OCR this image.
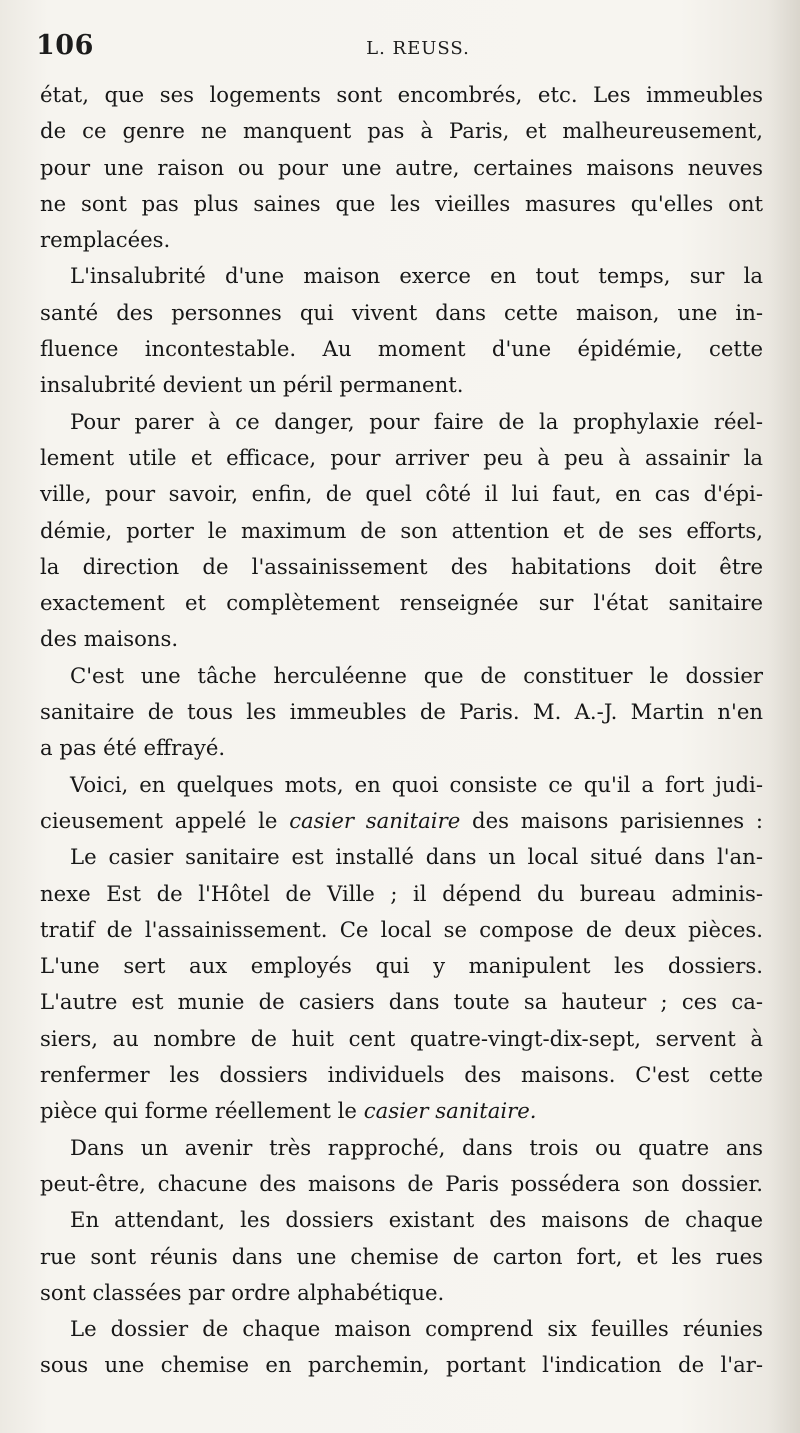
106	L. REUSS.
état, que ses logements sont encombrés, etc. Les immeubles
de ce genre ne manquent pas à Paris, et malheureusement,
pour une raison ou pour une autre, certaines maisons neuves
ne sont pas plus saines que les vieilles masures qu'elles ont
remplacées.
L'insalubrité d'une maison exerce en tout temps, sur la
santé des personnes qui vivent dans cette maison, une in-
fluence incontestable. Au moment d'une épidémie, cette
insalubrité devient un péril permanent.
Pour parer à ce danger, pour faire de la prophylaxie réel-
lement utile et efficace, pour arriver peu à peu à assainir la
ville, pour savoir, enfin, de quel côté il lui faut, en cas d'épi-
démie, porter le maximum de son attention et de ses efforts,
la direction de l'assainissement des habitations doit être
exactement et complètement renseignée sur l'état sanitaire
des maisons.
C'est une tâche herculéenne que de constituer le dossier
sanitaire de tous les immeubles de Paris. M. A.-J. Martin n'en
a pas été effrayé.
Voici, en quelques mots, en quoi consiste ce qu'il a fort judi-
cieusement appelé le casier sanitaire des maisons parisiennes :
Le casier sanitaire est installé dans un local situé dans l'an-
nexe Est de l'Hôtel de Ville ; il dépend du bureau adminis-
tratif de l'assainissement. Ce local se compose de deux pièces.
L'une sert aux employés qui y manipulent les dossiers.
L'autre est munie de casiers dans toute sa hauteur ; ces ca-
siers, au nombre de huit cent quatre-vingt-dix-sept, servent à
renfermer les dossiers individuels des maisons. C'est cette
pièce qui forme réellement le casier sanitaire.
Dans un avenir très rapproché, dans trois ou quatre ans
peut-être, chacune des maisons de Paris possédera son dossier.
En attendant, les dossiers existant des maisons de chaque
rue sont réunis dans une chemise de carton fort, et les rues
sont classées par ordre alphabétique.
Le dossier de chaque maison comprend six feuilles réunies
sous une chemise en parchemin, portant l'indication de l'ar-
